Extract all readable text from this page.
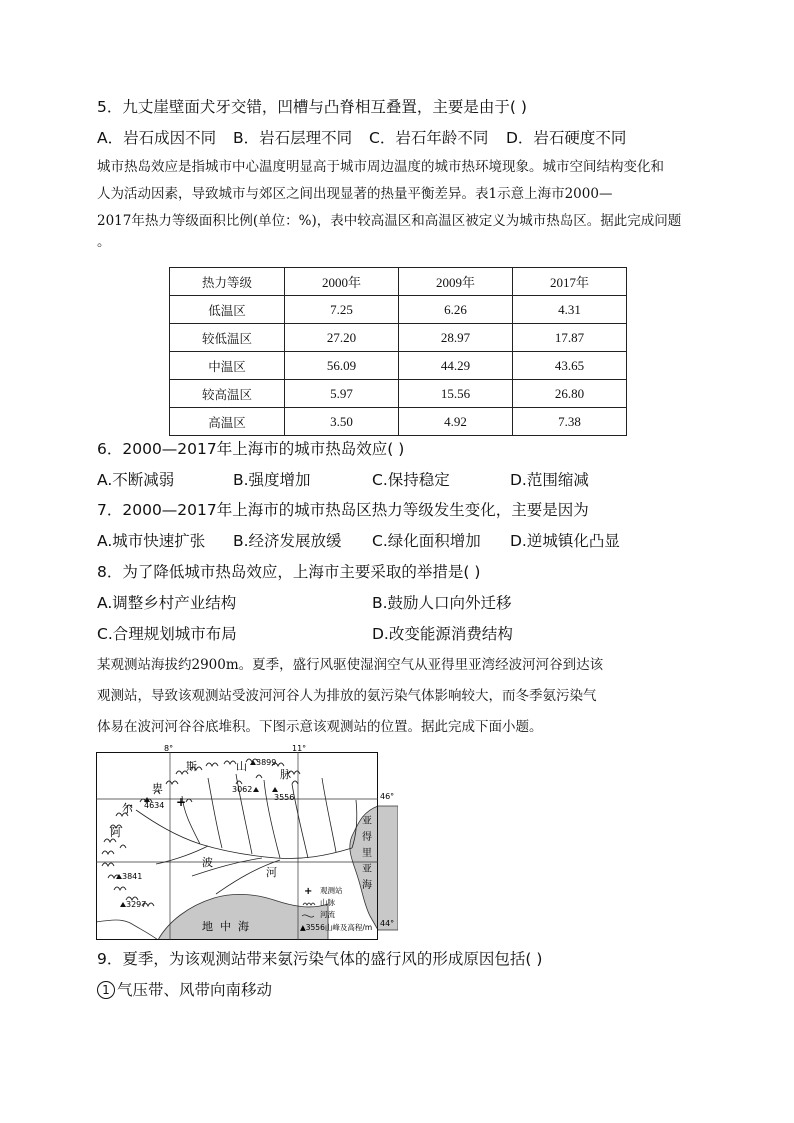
5．九丈崖壁面犬牙交错，凹槽与凸脊相互叠置，主要是由于( )
A．岩石成因不同 B．岩石层理不同 C．岩石年龄不同 D．岩石硬度不同
城市热岛效应是指城市中心温度明显高于城市周边温度的城市热环境现象。城市空间结构变化和
人为活动因素，导致城市与郊区之间出现显著的热量平衡差异。表1示意上海市2000—
2017年热力等级面积比例(单位：%)，表中较高温区和高温区被定义为城市热岛区。据此完成问题
。
热力等级	2000年	2009年	2017年
低温区	7.25	6.26	4.31
较低温区	27.20	28.97	17.87
中温区	56.09	44.29	43.65
较高温区	5.97	15.56	26.80
高温区	3.50	4.92	7.38
6．2000—2017年上海市的城市热岛效应( )
A.不断减弱	B.强度增加	C.保持稳定	D.范围缩减
7．2000—2017年上海市的城市热岛区热力等级发生变化，主要是因为
A.城市快速扩张 B.经济发展放缓 C.绿化面积增加 D.逆城镇化凸显
8．为了降低城市热岛效应，上海市主要采取的举措是( )
A.调整乡村产业结构	B.鼓励人口向外迁移
C.合理规划城市布局	D.改变能源消费结构
某观测站海拔约2900m。夏季，盛行风驱使湿润空气从亚得里亚湾经波河河谷到达该
观测站，导致该观测站受波河河谷人为排放的氨污染气体影响较大，而冬季氨污染气
体易在波河河谷谷底堆积。下图示意该观测站的位置。据此完成下面小题。
8°	11°
46°
44°
阿
尔
卑
斯	山
脉
波
河
亚
得
里
亚
海
地  中  海
3899
4634
3062
3556
3841
3297
+
+ 观测站
山脉
河流
▲3556山峰及高程/m
9．夏季，为该观测站带来氨污染气体的盛行风的形成原因包括( )
1 气压带、风带向南移动
